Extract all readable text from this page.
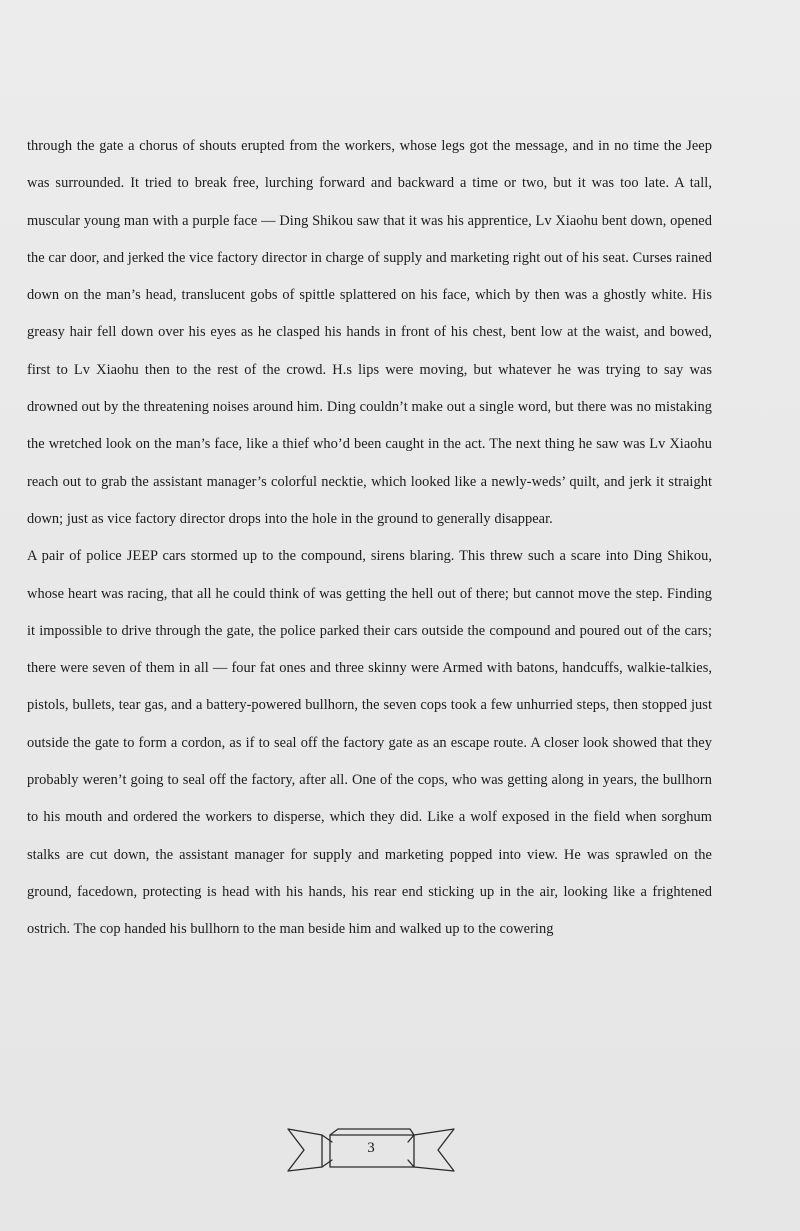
through the gate a chorus of shouts erupted from the workers, whose legs got the message, and in no time the Jeep was surrounded. It tried to break free, lurching forward and backward a time or two, but it was too late. A tall, muscular young man with a purple face — Ding Shikou saw that it was his apprentice, Lv Xiaohu bent down, opened the car door, and jerked the vice factory director in charge of supply and marketing right out of his seat. Curses rained down on the man’s head, translucent gobs of spittle splattered on his face, which by then was a ghostly white. His greasy hair fell down over his eyes as he clasped his hands in front of his chest, bent low at the waist, and bowed, first to Lv Xiaohu then to the rest of the crowd. H.s lips were moving, but whatever he was trying to say was drowned out by the threatening noises around him. Ding couldn’t make out a single word, but there was no mistaking the wretched look on the man’s face, like a thief who’d been caught in the act. The next thing he saw was Lv Xiaohu reach out to grab the assistant manager’s colorful necktie, which looked like a newly-weds’ quilt, and jerk it straight down; just as vice factory director drops into the hole in the ground to generally disappear.

A pair of police JEEP cars stormed up to the compound, sirens blaring. This threw such a scare into Ding Shikou, whose heart was racing, that all he could think of was getting the hell out of there; but cannot move the step. Finding it impossible to drive through the gate, the police parked their cars outside the compound and poured out of the cars; there were seven of them in all — four fat ones and three skinny were Armed with batons, handcuffs, walkie-talkies, pistols, bullets, tear gas, and a battery-powered bullhorn, the seven cops took a few unhurried steps, then stopped just outside the gate to form a cordon, as if to seal off the factory gate as an escape route. A closer look showed that they probably weren’t going to seal off the factory, after all. One of the cops, who was getting along in years, the bullhorn to his mouth and ordered the workers to disperse, which they did. Like a wolf exposed in the field when sorghum stalks are cut down, the assistant manager for supply and marketing popped into view. He was sprawled on the ground, facedown, protecting is head with his hands, his rear end sticking up in the air, looking like a frightened ostrich. The cop handed his bullhorn to the man beside him and walked up to the cowering

3
